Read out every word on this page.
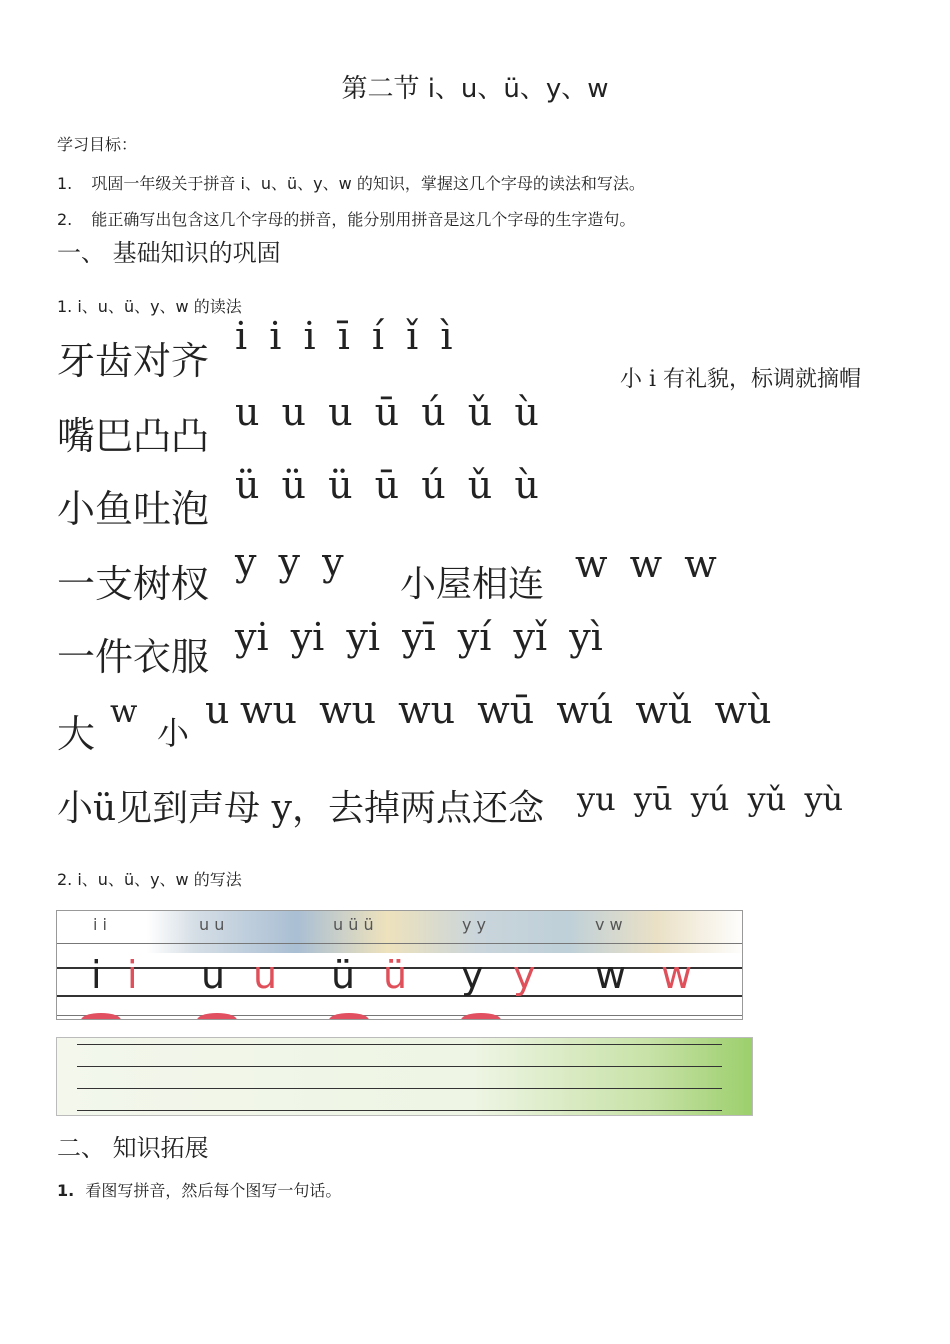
第二节 i、u、ü、y、w
学习目标：
1. 巩固一年级关于拼音 i、u、ü、y、w 的知识，掌握这几个字母的读法和写法。
2. 能正确写出包含这几个字母的拼音，能分别用拼音是这几个字母的生字造句。
一、 基础知识的巩固
1. i、u、ü、y、w 的读法
牙齿对齐
i i i ī í ǐ ì
小 i 有礼貌，标调就摘帽
嘴巴凸凸
u u u ū ú ǔ ù
小鱼吐泡
ü ü ü ū ú ǔ ù
一支树杈 y y y
小屋相连 w w w
一件衣服 yi yi yi yī yí yǐ yì
大
w
小
u wu wu wu wū wú wǔ wù
小ü见到声母 y，去掉两点还念 yu yū yú yǔ yù
2. i、u、ü、y、w 的写法
i i	u u	u ü ü	y y	v w
i i u u ü ü y y w w
二、 知识拓展
1. 看图写拼音，然后每个图写一句话。
